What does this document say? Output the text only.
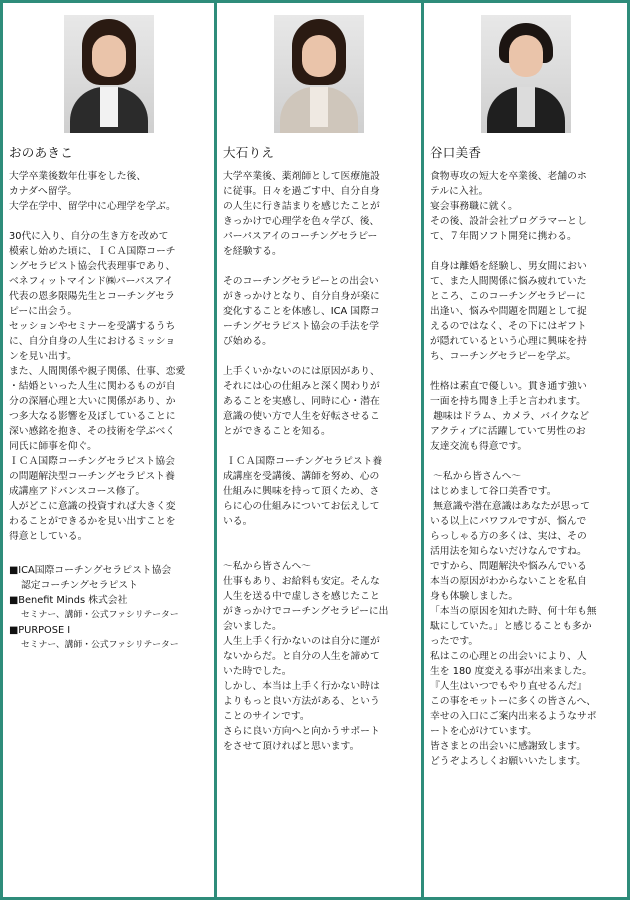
おのあきこ

大学卒業後数年仕事をした後、
カナダへ留学。
大学在学中、留学中に心理学を学ぶ。

30代に入り、自分の生き方を改めて
模索し始めた頃に、ＩＣＡ国際コーチ
ングセラピスト協会代表理事であり、
ベネフィットマインド㈱パーパスアイ
代表の恩多限陽先生とコーチングセラ
ピーに出会う。
セッションやセミナーを受講するうち
に、自分自身の人生におけるミッショ
ンを見い出す。
また、人間関係や親子関係、仕事、恋愛
・結婚といった人生に関わるものが自
分の深層心理と大いに関係があり、か
つ多大なる影響を及ぼしていることに
深い感銘を抱き、その技術を学ぶべく
同氏に師事を仰ぐ。
ＩＣＡ国際コーチングセラピスト協会
の問題解決型コーチングセラピスト養
成講座アドバンスコース修了。
人がどこに意識の投資すれば大きく変
わることができるかを見い出すことを
得意としている。

■ICA国際コーチングセラピスト協会
認定コーチングセラピスト
■Benefit Minds 株式会社
セミナー、講師・公式ファシリテーター
■PURPOSE I
セミナー、講師・公式ファシリテーター
大石りえ

大学卒業後、薬剤師として医療施設
に従事。日々を過ごす中、自分自身
の人生に行き詰まりを感じたことが
きっかけで心理学を色々学び、後、
パーパスアイのコーチングセラピー
を経験する。

そのコーチングセラピーとの出会い
がきっかけとなり、自分自身が楽に
変化することを体感し、ICA 国際コ
ーチングセラピスト協会の手法を学
び始める。

上手くいかないのには原因があり、
それには心の仕組みと深く関わりが
あることを実感し、同時に心・潜在
意識の使い方で人生を好転させるこ
とができることを知る。

ＩＣＡ国際コーチングセラピスト養
成講座を受講後、講師を努め、心の
仕組みに興味を持って頂くため、さ
らに心の仕組みについてお伝えして
いる。

～私から皆さんへ～
仕事もあり、お給料も安定。そんな
人生を送る中で虚しさを感じたこと
がきっかけでコーチングセラピーに出
会いました。
人生上手く行かないのは自分に運が
ないからだ。と自分の人生を諦めて
いた時でした。
しかし、本当は上手く行かない時は
よりもっと良い方法がある、という
ことのサインです。
さらに良い方向へと向かうサポート
をさせて頂ければと思います。

谷口美香

食物専攻の短大を卒業後、老舗のホ
テルに入社。
宴会事務職に就く。
その後、設計会社プログラマーとし
て、７年間ソフト開発に携わる。

自身は離婚を経験し、男女間におい
て、また人間関係に悩み疲れていた
ところ、このコーチングセラピーに
出逢い、悩みや問題を問題として捉
えるのではなく、その下にはギフト
が隠れているという心理に興味を持
ち、コーチングセラピーを学ぶ。

性格は素直で優しい。貫き通す強い
一面を持ち聞き上手と言われます。
趣味はドラム、カメラ、バイクなど
アクティブに活躍していて男性のお
友達交流も得意です。

～私から皆さんへ～
はじめまして谷口美香です。
無意識や潜在意識はあなたが思って
いる以上にパワフルですが、悩んで
らっしゃる方の多くは、実は、その
活用法を知らないだけなんですね。
ですから、問題解決や悩みんでいる
本当の原因がわからないことを私自
身も体験しました。
「本当の原因を知れた時、何十年も無
駄にしていた。」と感じることも多か
ったです。
私はこの心理との出会いにより、人
生を 180 度変える事が出来ました。
『人生はいつでもやり直せるんだ』
この事をモットーに多くの皆さんへ、
幸せの入口にご案内出来るようなサポ
ートを心がけています。
皆さまとの出会いに感謝致します。
どうぞよろしくお願いいたします。
